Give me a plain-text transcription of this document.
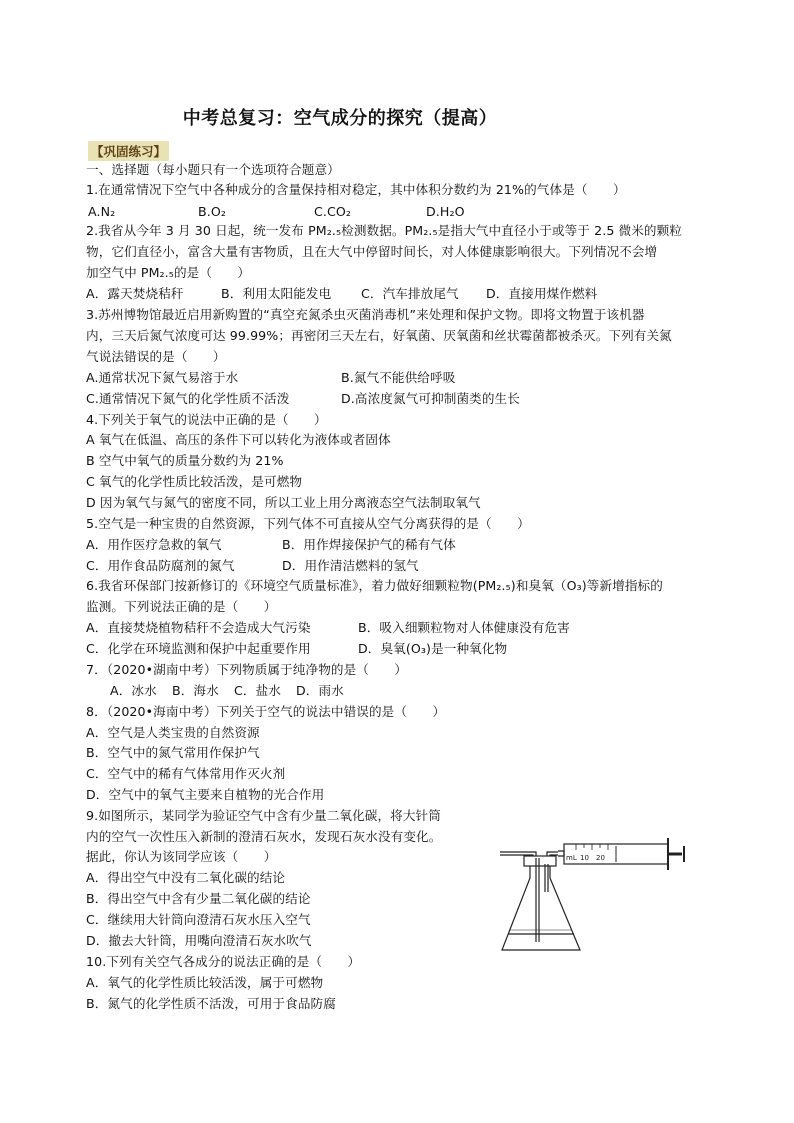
中考总复习：空气成分的探究（提高）
【巩固练习】
一、选择题（每小题只有一个选项符合题意）
1.在通常情况下空气中各种成分的含量保持相对稳定，其中体积分数约为 21%的气体是（　　）
A.N₂	B.O₂	C.CO₂	D.H₂O
2.我省从今年 3 月 30 日起，统一发布 PM₂.₅检测数据。PM₂.₅是指大气中直径小于或等于 2.5 微米的颗粒
物，它们直径小，富含大量有害物质，且在大气中停留时间长，对人体健康影响很大。下列情况不会增
加空气中 PM₂.₅的是（　　）
A．露天焚烧秸秆	B．利用太阳能发电 C．汽车排放尾气 D．直接用煤作燃料
3.苏州博物馆最近启用新购置的“真空充氮杀虫灭菌消毒机”来处理和保护文物。即将文物置于该机器
内，三天后氮气浓度可达 99.99%；再密闭三天左右，好氧菌、厌氧菌和丝状霉菌都被杀灭。下列有关氮
气说法错误的是（　　）
A.通常状况下氮气易溶于水	B.氮气不能供给呼吸
C.通常情况下氮气的化学性质不活泼	D.高浓度氮气可抑制菌类的生长
4.下列关于氧气的说法中正确的是（　　）
A 氧气在低温、高压的条件下可以转化为液体或者固体
B 空气中氧气的质量分数约为 21%
C 氧气的化学性质比较活泼，是可燃物
D 因为氧气与氮气的密度不同，所以工业上用分离液态空气法制取氧气
5.空气是一种宝贵的自然资源，下列气体不可直接从空气分离获得的是（　　）
A．用作医疗急救的氧气	B．用作焊接保护气的稀有气体
C．用作食品防腐剂的氮气	D．用作清洁燃料的氢气
6.我省环保部门按新修订的《环境空气质量标准》，着力做好细颗粒物(PM₂.₅)和臭氧（O₃)等新增指标的
监测。下列说法正确的是（　　）
A．直接焚烧植物秸秆不会造成大气污染	B．吸入细颗粒物对人体健康没有危害
C．化学在环境监测和保护中起重要作用	D．臭氧(O₃)是一种氧化物
7．（2020•湖南中考）下列物质属于纯净物的是（　　）
A．冰水 B．海水 C．盐水 D．雨水
8．（2020•海南中考）下列关于空气的说法中错误的是（　　）
A．空气是人类宝贵的自然资源
B．空气中的氮气常用作保护气
C．空气中的稀有气体常用作灭火剂
D．空气中的氧气主要来自植物的光合作用
9.如图所示，某同学为验证空气中含有少量二氧化碳，将大针筒
内的空气一次性压入新制的澄清石灰水，发现石灰水没有变化。
据此，你认为该同学应该（　　）
A．得出空气中没有二氧化碳的结论
B．得出空气中含有少量二氧化碳的结论
C．继续用大针筒向澄清石灰水压入空气
D．撤去大针筒，用嘴向澄清石灰水吹气
mL 10 20
10.下列有关空气各成分的说法正确的是（　　）
A．氧气的化学性质比较活泼，属于可燃物
B．氮气的化学性质不活泼，可用于食品防腐
